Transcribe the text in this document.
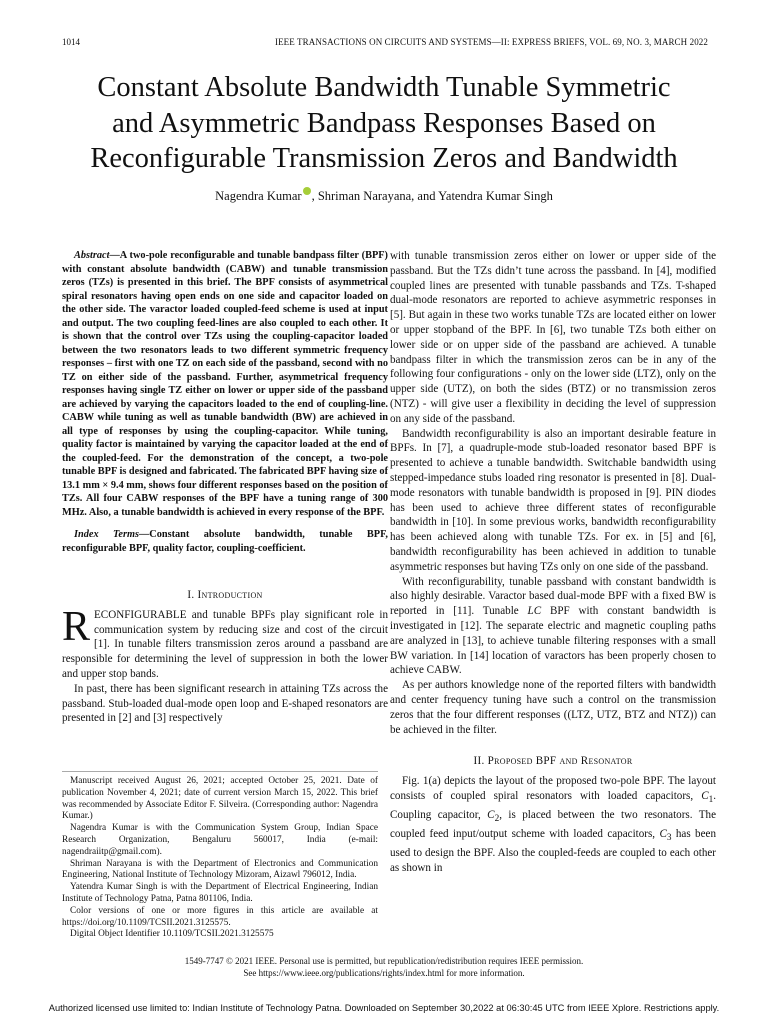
1014	IEEE TRANSACTIONS ON CIRCUITS AND SYSTEMS—II: EXPRESS BRIEFS, VOL. 69, NO. 3, MARCH 2022
Constant Absolute Bandwidth Tunable Symmetric
and Asymmetric Bandpass Responses Based on
Reconfigurable Transmission Zeros and Bandwidth
Nagendra Kumar , Shriman Narayana, and Yatendra Kumar Singh

Abstract—A two-pole reconfigurable and tunable bandpass filter (BPF) with constant absolute bandwidth (CABW) and tunable transmission zeros (TZs) is presented in this brief. The BPF consists of asymmetrical spiral resonators having open ends on one side and capacitor loaded on the other side. The varactor loaded coupled-feed scheme is used at input and output. The two coupling feed-lines are also coupled to each other. It is shown that the control over TZs using the coupling-capacitor loaded between the two resonators leads to two different symmetric frequency responses – first with one TZ on each side of the passband, second with no TZ on either side of the passband. Further, asymmetrical frequency responses having single TZ either on lower or upper side of the passband are achieved by varying the capacitors loaded to the end of coupling-line. CABW while tuning as well as tunable bandwidth (BW) are achieved in all type of responses by using the coupling-capacitor. While tuning, quality factor is maintained by varying the capacitor loaded at the end of the coupled-feed. For the demonstration of the concept, a two-pole tunable BPF is designed and fabricated. The fabricated BPF having size of 13.1 mm × 9.4 mm, shows four different responses based on the position of TZs. All four CABW responses of the BPF have a tuning range of 300 MHz. Also, a tunable bandwidth is achieved in every response of the BPF.

Index Terms—Constant absolute bandwidth, tunable BPF, reconfigurable BPF, quality factor, coupling-coefficient.

I. Introduction

RECONFIGURABLE and tunable BPFs play significant role in communication system by reducing size and cost of the circuit [1]. In tunable filters transmission zeros around a passband are responsible for determining the level of suppression in both the lower and upper stop bands.

In past, there has been significant research in attaining TZs across the passband. Stub-loaded dual-mode open loop and E-shaped resonators are presented in [2] and [3] respectively

Manuscript received August 26, 2021; accepted October 25, 2021. Date of publication November 4, 2021; date of current version March 15, 2022. This brief was recommended by Associate Editor F. Silveira. (Corresponding author: Nagendra Kumar.)

Nagendra Kumar is with the Communication System Group, Indian Space Research Organization, Bengaluru 560017, India (e-mail: nagendraiitp@gmail.com).

Shriman Narayana is with the Department of Electronics and Communication Engineering, National Institute of Technology Mizoram, Aizawl 796012, India.

Yatendra Kumar Singh is with the Department of Electrical Engineering, Indian Institute of Technology Patna, Patna 801106, India.

Color versions of one or more figures in this article are available at https://doi.org/10.1109/TCSII.2021.3125575.

Digital Object Identifier 10.1109/TCSII.2021.3125575

with tunable transmission zeros either on lower or upper side of the passband. But the TZs didn’t tune across the passband. In [4], modified coupled lines are presented with tunable passbands and TZs. T-shaped dual-mode resonators are reported to achieve asymmetric responses in [5]. But again in these two works tunable TZs are located either on lower or upper stopband of the BPF. In [6], two tunable TZs both either on lower side or on upper side of the passband are achieved. A tunable bandpass filter in which the transmission zeros can be in any of the following four configurations - only on the lower side (LTZ), only on the upper side (UTZ), on both the sides (BTZ) or no transmission zeros (NTZ) - will give user a flexibility in deciding the level of suppression on any side of the passband.

Bandwidth reconfigurability is also an important desirable feature in BPFs. In [7], a quadruple-mode stub-loaded resonator based BPF is presented to achieve a tunable bandwidth. Switchable bandwidth using stepped-impedance stubs loaded ring resonator is presented in [8]. Dual-mode resonators with tunable bandwidth is proposed in [9]. PIN diodes has been used to achieve three different states of reconfigurable bandwidth in [10]. In some previous works, bandwidth reconfigurability has been achieved along with tunable TZs. For ex. in [5] and [6], bandwidth reconfigurability has been achieved in addition to tunable asymmetric responses but having TZs only on one side of the passband.

With reconfigurability, tunable passband with constant bandwidth is also highly desirable. Varactor based dual-mode BPF with a fixed BW is reported in [11]. Tunable LC BPF with constant bandwidth is investigated in [12]. The separate electric and magnetic coupling paths are analyzed in [13], to achieve tunable filtering responses with a small BW variation. In [14] location of varactors has been properly chosen to achieve CABW.

As per authors knowledge none of the reported filters with bandwidth and center frequency tuning have such a control on the transmission zeros that the four different responses ((LTZ, UTZ, BTZ and NTZ)) can be achieved in the filter.

II. Proposed BPF and Resonator

Fig. 1(a) depicts the layout of the proposed two-pole BPF. The layout consists of coupled spiral resonators with loaded capacitors, $C_1$. Coupling capacitor, $C_2$, is placed between the two resonators. The coupled feed input/output scheme with loaded capacitors, $C_3$ has been used to design the BPF. Also the coupled-feeds are coupled to each other as shown in

1549-7747 © 2021 IEEE. Personal use is permitted, but republication/redistribution requires IEEE permission.
See https://www.ieee.org/publications/rights/index.html for more information.
Authorized licensed use limited to: Indian Institute of Technology Patna. Downloaded on September 30,2022 at 06:30:45 UTC from IEEE Xplore. Restrictions apply.
